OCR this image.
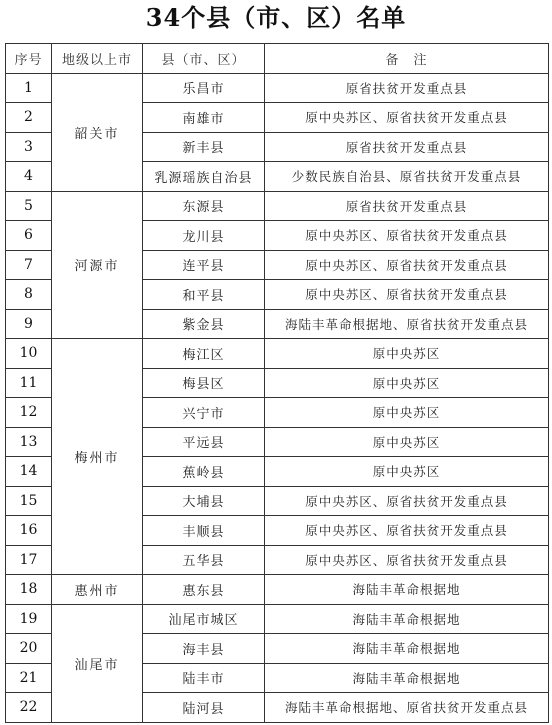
34个县（市、区）名单
序号	地级以上市	县（市、区）	备　注
1	韶关市	乐昌市	原省扶贫开发重点县
2		南雄市	原中央苏区、原省扶贫开发重点县
3		新丰县	原省扶贫开发重点县
4		乳源瑶族自治县	少数民族自治县、原省扶贫开发重点县
5	河源市	东源县	原省扶贫开发重点县
6		龙川县	原中央苏区、原省扶贫开发重点县
7		连平县	原中央苏区、原省扶贫开发重点县
8		和平县	原中央苏区、原省扶贫开发重点县
9		紫金县	海陆丰革命根据地、原省扶贫开发重点县
10	梅州市	梅江区	原中央苏区
11		梅县区	原中央苏区
12		兴宁市	原中央苏区
13		平远县	原中央苏区
14		蕉岭县	原中央苏区
15		大埔县	原中央苏区、原省扶贫开发重点县
16		丰顺县	原中央苏区、原省扶贫开发重点县
17		五华县	原中央苏区、原省扶贫开发重点县
18	惠州市	惠东县	海陆丰革命根据地
19	汕尾市	汕尾市城区	海陆丰革命根据地
20		海丰县	海陆丰革命根据地
21		陆丰市	海陆丰革命根据地
22		陆河县	海陆丰革命根据地、原省扶贫开发重点县
